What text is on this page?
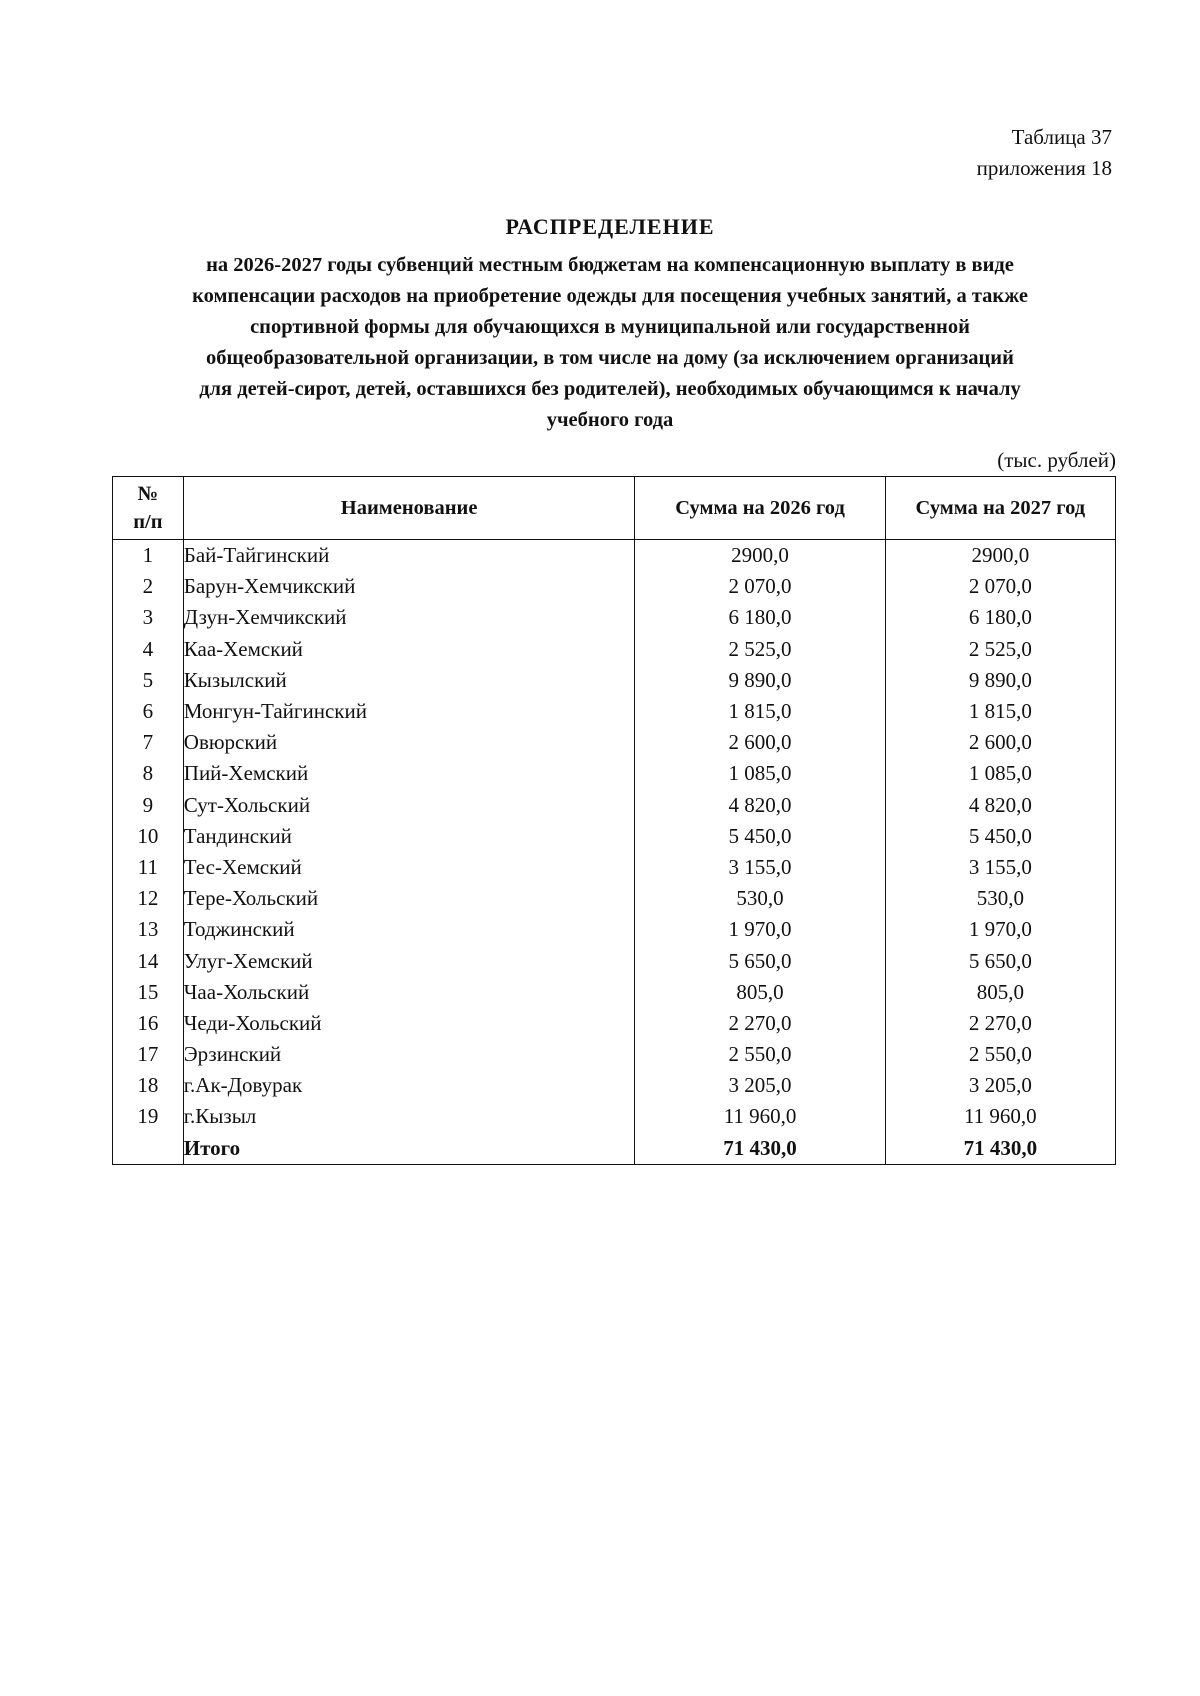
Таблица 37
приложения 18
РАСПРЕДЕЛЕНИЕ
на 2026-2027 годы субвенций местным бюджетам на компенсационную выплату в виде
компенсации расходов на приобретение одежды для посещения учебных занятий, а также
спортивной формы для обучающихся в муниципальной или государственной
общеобразовательной организации, в том числе на дому (за исключением организаций
для детей-сирот, детей, оставшихся без родителей), необходимых обучающимся к началу
учебного года
(тыс. рублей)
№
п/п	Наименование	Сумма на 2026 год	Сумма на 2027 год
1	Бай-Тайгинский	2900,0	2900,0
2	Барун-Хемчикский	2 070,0	2 070,0
3	Дзун-Хемчикский	6 180,0	6 180,0
4	Каа-Хемский	2 525,0	2 525,0
5	Кызылский	9 890,0	9 890,0
6	Монгун-Тайгинский	1 815,0	1 815,0
7	Овюрский	2 600,0	2 600,0
8	Пий-Хемский	1 085,0	1 085,0
9	Сут-Хольский	4 820,0	4 820,0
10	Тандинский	5 450,0	5 450,0
11	Тес-Хемский	3 155,0	3 155,0
12	Тере-Хольский	530,0	530,0
13	Тоджинский	1 970,0	1 970,0
14	Улуг-Хемский	5 650,0	5 650,0
15	Чаа-Хольский	805,0	805,0
16	Чеди-Хольский	2 270,0	2 270,0
17	Эрзинский	2 550,0	2 550,0
18	г.Ак-Довурак	3 205,0	3 205,0
19	г.Кызыл	11 960,0	11 960,0
	Итого	71 430,0	71 430,0
